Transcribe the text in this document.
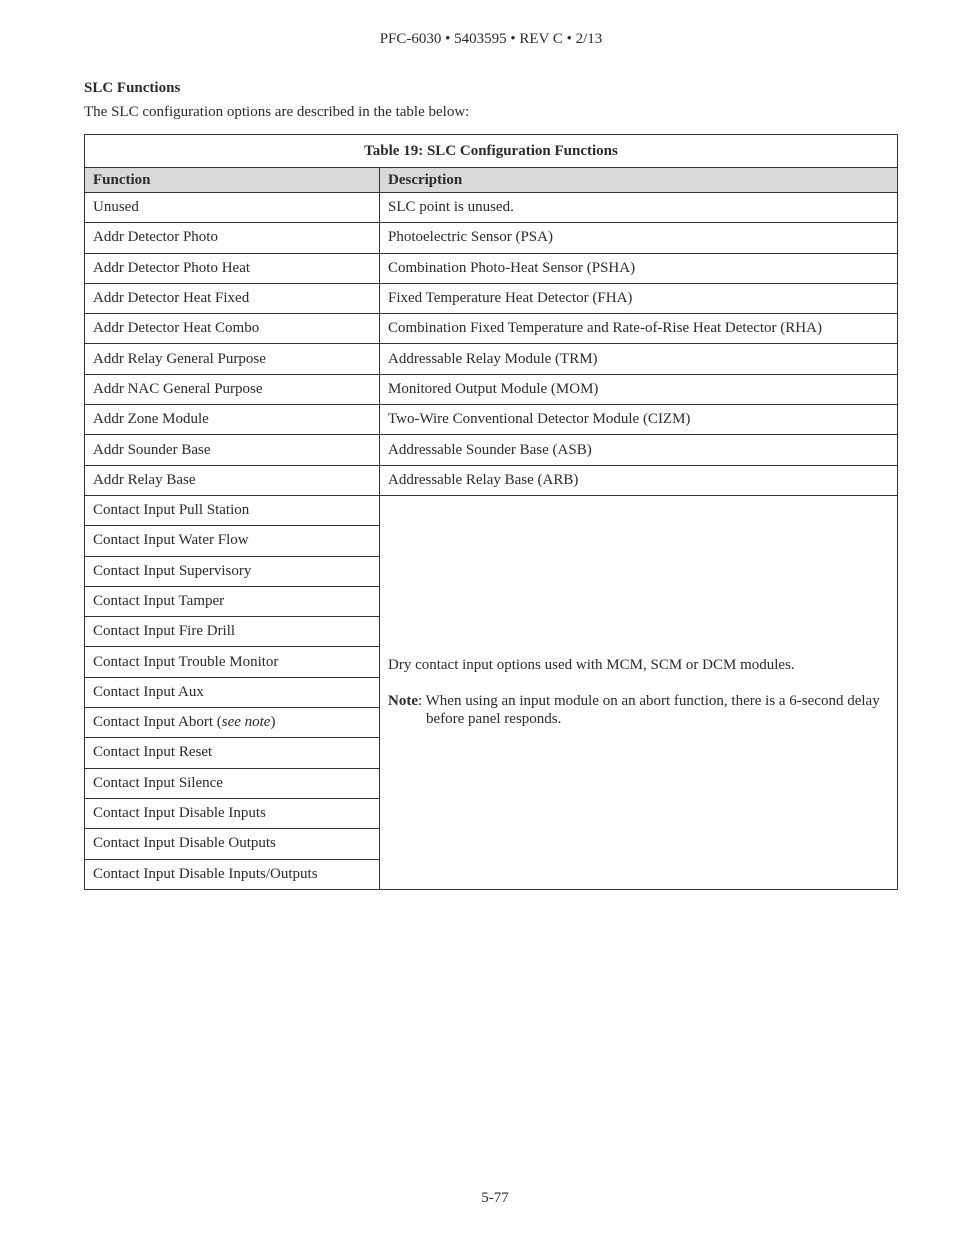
PFC-6030 • 5403595 • REV C • 2/13
SLC Functions
The SLC configuration options are described in the table below:
Table 19: SLC Configuration Functions	
Function	Description
Unused	SLC point is unused.
Addr Detector Photo	Photoelectric Sensor (PSA)
Addr Detector Photo Heat	Combination Photo-Heat Sensor (PSHA)
Addr Detector Heat Fixed	Fixed Temperature Heat Detector (FHA)
Addr Detector Heat Combo	Combination Fixed Temperature and Rate-of-Rise Heat Detector (RHA)
Addr Relay General Purpose	Addressable Relay Module (TRM)
Addr NAC General Purpose	Monitored Output Module (MOM)
Addr Zone Module	Two-Wire Conventional Detector Module (CIZM)
Addr Sounder Base	Addressable Sounder Base (ASB)
Addr Relay Base	Addressable Relay Base (ARB)
Contact Input Pull Station	Dry contact input options used with MCM, SCM or DCM modules.

Note: When using an input module on an abort function, there is a 6-second delay before panel responds.

Contact Input Water Flow	
Contact Input Supervisory	
Contact Input Tamper	
Contact Input Fire Drill	
Contact Input Trouble Monitor	
Contact Input Aux	
Contact Input Abort (see note)	
Contact Input Reset	
Contact Input Silence	
Contact Input Disable Inputs	
Contact Input Disable Outputs	
Contact Input Disable Inputs/Outputs	
5-77
